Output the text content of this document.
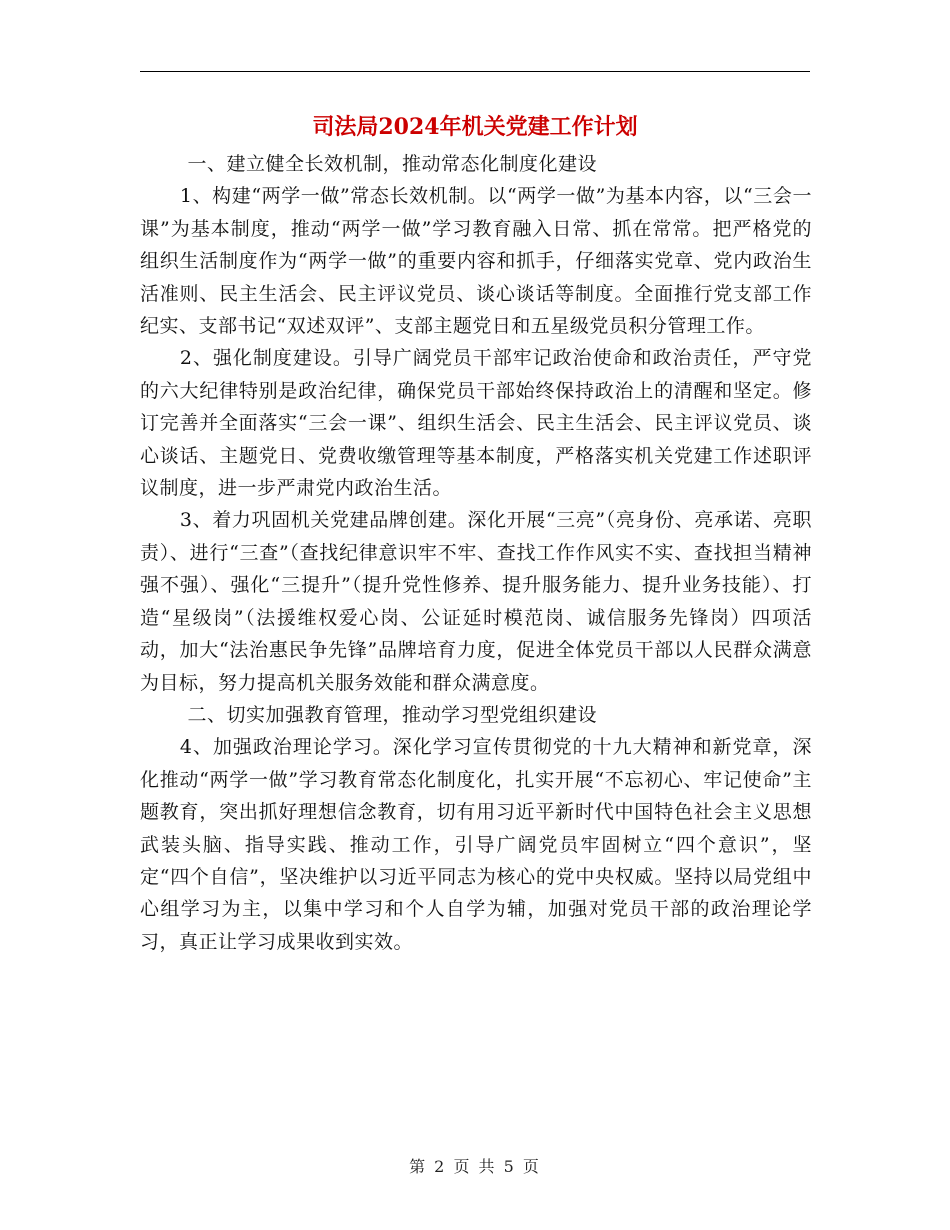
司法局2024年机关党建工作计划

一、建立健全长效机制，推动常态化制度化建设

1、构建“两学一做”常态长效机制。以“两学一做”为基本内容，以“三会一课”为基本制度，推动“两学一做”学习教育融入日常、抓在常常。把严格党的组织生活制度作为“两学一做”的重要内容和抓手，仔细落实党章、党内政治生活准则、民主生活会、民主评议党员、谈心谈话等制度。全面推行党支部工作纪实、支部书记“双述双评”、支部主题党日和五星级党员积分管理工作。

2、强化制度建设。引导广阔党员干部牢记政治使命和政治责任，严守党的六大纪律特别是政治纪律，确保党员干部始终保持政治上的清醒和坚定。修订完善并全面落实“三会一课”、组织生活会、民主生活会、民主评议党员、谈心谈话、主题党日、党费收缴管理等基本制度，严格落实机关党建工作述职评议制度，进一步严肃党内政治生活。

3、着力巩固机关党建品牌创建。深化开展“三亮”（亮身份、亮承诺、亮职责）、进行“三查”（查找纪律意识牢不牢、查找工作作风实不实、查找担当精神强不强）、强化“三提升”（提升党性修养、提升服务能力、提升业务技能）、打造“星级岗”（法援维权爱心岗、公证延时模范岗、诚信服务先锋岗）四项活动，加大“法治惠民争先锋”品牌培育力度，促进全体党员干部以人民群众满意为目标，努力提高机关服务效能和群众满意度。

二、切实加强教育管理，推动学习型党组织建设

4、加强政治理论学习。深化学习宣传贯彻党的十九大精神和新党章，深化推动“两学一做”学习教育常态化制度化，扎实开展“不忘初心、牢记使命”主题教育，突出抓好理想信念教育，切有用习近平新时代中国特色社会主义思想武装头脑、指导实践、推动工作，引导广阔党员牢固树立“四个意识”，坚定“四个自信”，坚决维护以习近平同志为核心的党中央权威。坚持以局党组中心组学习为主，以集中学习和个人自学为辅，加强对党员干部的政治理论学习，真正让学习成果收到实效。

第 2 页 共 5 页
